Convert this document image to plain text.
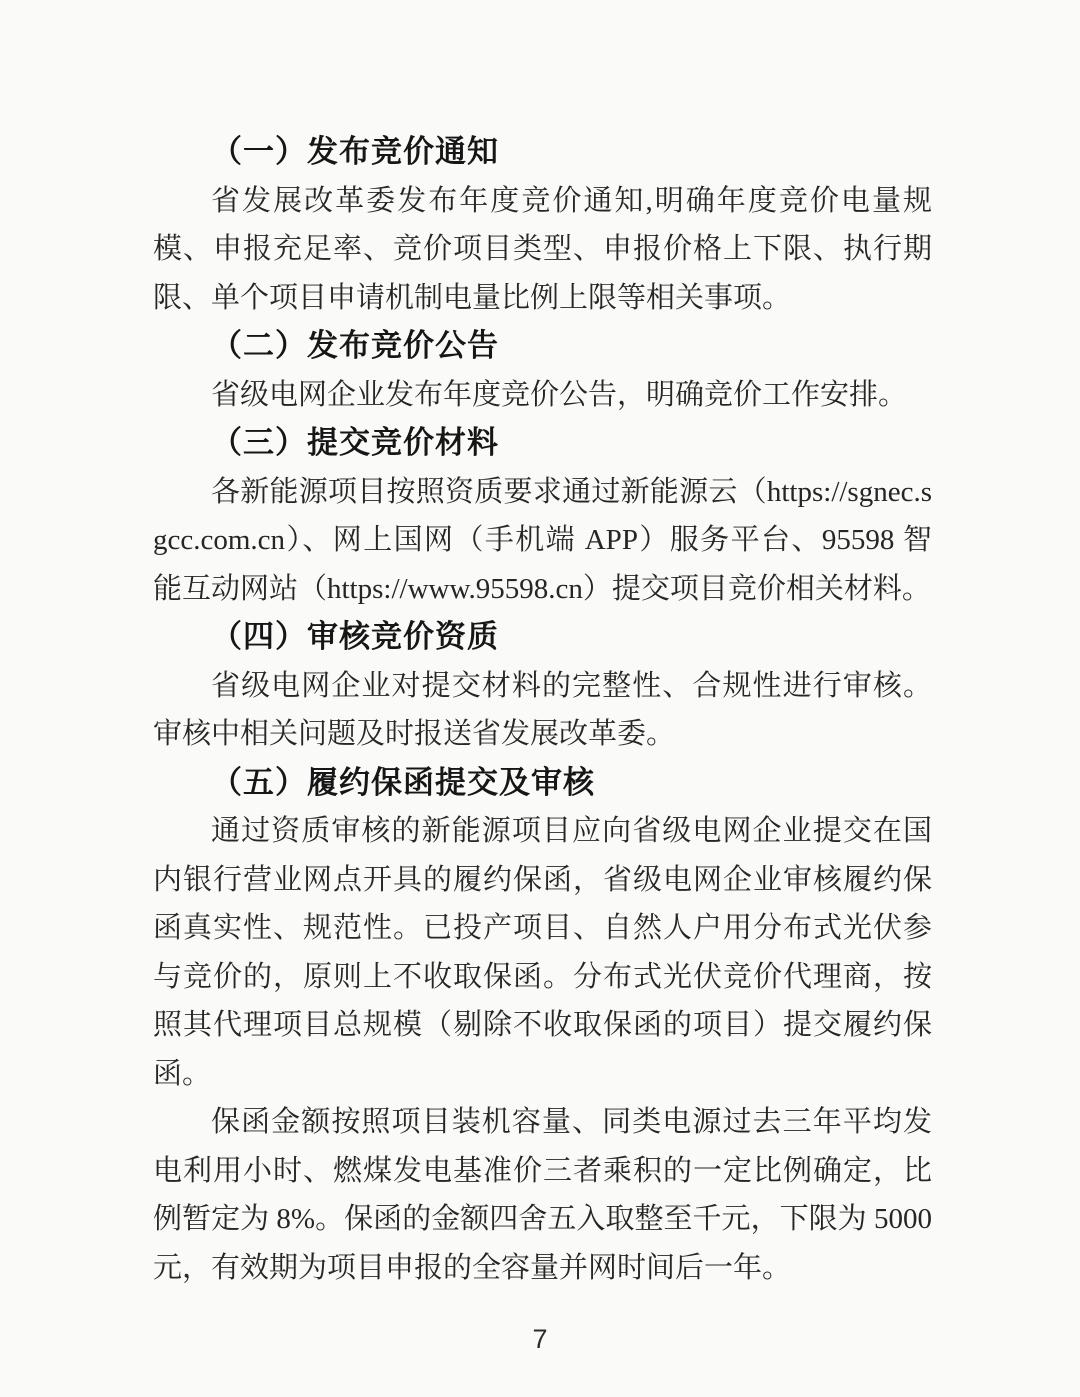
（一）发布竞价通知

省发展改革委发布年度竞价通知,明确年度竞价电量规模、申报充足率、竞价项目类型、申报价格上下限、执行期限、单个项目申请机制电量比例上限等相关事项。

（二）发布竞价公告

省级电网企业发布年度竞价公告，明确竞价工作安排。

（三）提交竞价材料

各新能源项目按照资质要求通过新能源云（https://sgnec.sgcc.com.cn）、网上国网（手机端 APP）服务平台、95598 智能互动网站（https://www.95598.cn）提交项目竞价相关材料。

（四）审核竞价资质

省级电网企业对提交材料的完整性、合规性进行审核。审核中相关问题及时报送省发展改革委。

（五）履约保函提交及审核

通过资质审核的新能源项目应向省级电网企业提交在国内银行营业网点开具的履约保函，省级电网企业审核履约保函真实性、规范性。已投产项目、自然人户用分布式光伏参与竞价的，原则上不收取保函。分布式光伏竞价代理商，按照其代理项目总规模（剔除不收取保函的项目）提交履约保函。

保函金额按照项目装机容量、同类电源过去三年平均发电利用小时、燃煤发电基准价三者乘积的一定比例确定，比例暂定为 8%。保函的金额四舍五入取整至千元，下限为 5000 元，有效期为项目申报的全容量并网时间后一年。

7
